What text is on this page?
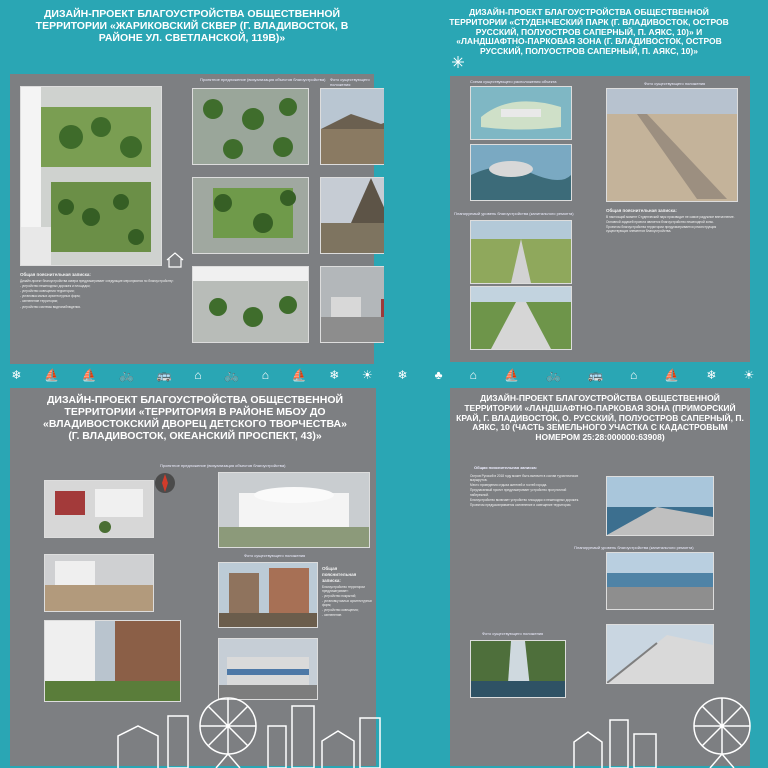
ДИЗАЙН-ПРОЕКТ БЛАГОУСТРОЙСТВА ОБЩЕСТВЕННОЙ ТЕРРИТОРИИ «ЖАРИКОВСКИЙ СКВЕР (Г. ВЛАДИВОСТОК, В РАЙОНЕ УЛ. СВЕТЛАНСКОЙ, 119В)»
Проектное предложение (визуализация объектов благоустройства) Фото существующего положения

Общая пояснительная записка:

Дизайн-проект благоустройства сквера предусматривает следующие мероприятия по благоустройству:

- устройство пешеходных дорожек и площадок;

- устройство освещения территории;

- установка малых архитектурных форм;

- озеленение территории;

- устройство системы видеонаблюдения.

ДИЗАЙН-ПРОЕКТ БЛАГОУСТРОЙСТВА ОБЩЕСТВЕННОЙ ТЕРРИТОРИИ «СТУДЕНЧЕСКИЙ ПАРК (Г. ВЛАДИВОСТОК, ОСТРОВ РУССКИЙ, ПОЛУОСТРОВ САПЕРНЫЙ, П. АЯКС, 10)» И «ЛАНДШАФТНО-ПАРКОВАЯ ЗОНА (Г. ВЛАДИВОСТОК, ОСТРОВ РУССКИЙ, ПОЛУОСТРОВ САПЕРНЫЙ, П. АЯКС, 10)»
Схема существующего расположения объекта	Фото существующего положения
Планируемый уровень благоустройства (капитального ремонта)

Общая пояснительная записка:

В настоящий момент Студенческий парк производит не самое радужное впечатление.

Основной задачей проекта является благоустройство пешеходной зоны.

Проектом благоустройства территории предусматривается реконструкция существующих элементов благоустройства.

❄ ⛵ ⛵ 🚲 🚌 ⌂ 🚲 ⌂ ⛵ ❄ ☀ ❄ ♣ ⌂ ⛵ 🚲 🚌 ⌂ ⛵ ❄ ☀
ДИЗАЙН-ПРОЕКТ БЛАГОУСТРОЙСТВА ОБЩЕСТВЕННОЙ ТЕРРИТОРИИ «ТЕРРИТОРИЯ В РАЙОНЕ МБОУ ДО «ВЛАДИВОСТОКСКИЙ ДВОРЕЦ ДЕТСКОГО ТВОРЧЕСТВА» (Г. ВЛАДИВОСТОК, ОКЕАНСКИЙ ПРОСПЕКТ, 43)»
Проектное предложение (визуализация объектов благоустройства)
Фото существующего положения

Общая пояснительная записка:

Благоустройство территории предусматривает:

- устройство покрытий;

- установку малых архитектурных форм;

- устройство освещения;

- озеленение.

ДИЗАЙН-ПРОЕКТ БЛАГОУСТРОЙСТВА ОБЩЕСТВЕННОЙ ТЕРРИТОРИИ «ЛАНДШАФТНО-ПАРКОВАЯ ЗОНА (ПРИМОРСКИЙ КРАЙ, Г. ВЛАДИВОСТОК, О. РУССКИЙ, ПОЛУОСТРОВ САПЕРНЫЙ, П. АЯКС, 10 (ЧАСТЬ ЗЕМЕЛЬНОГО УЧАСТКА С КАДАСТРОВЫМ НОМЕРОМ 25:28:000000:63908)
Общая пояснительная записка:

Остров Русский в 2018 году может быть включен в состав туристических маршрутов.

Место проведения отдыха жителей и гостей города.

Предлагаемый проект предусматривает устройство прогулочной набережной.

Благоустройство включает устройство площадок и пешеходных дорожек.

Проектом предусматривается озеленение и освещение территории.

Планируемый уровень благоустройства (капитального ремонта)
Фото существующего положения
